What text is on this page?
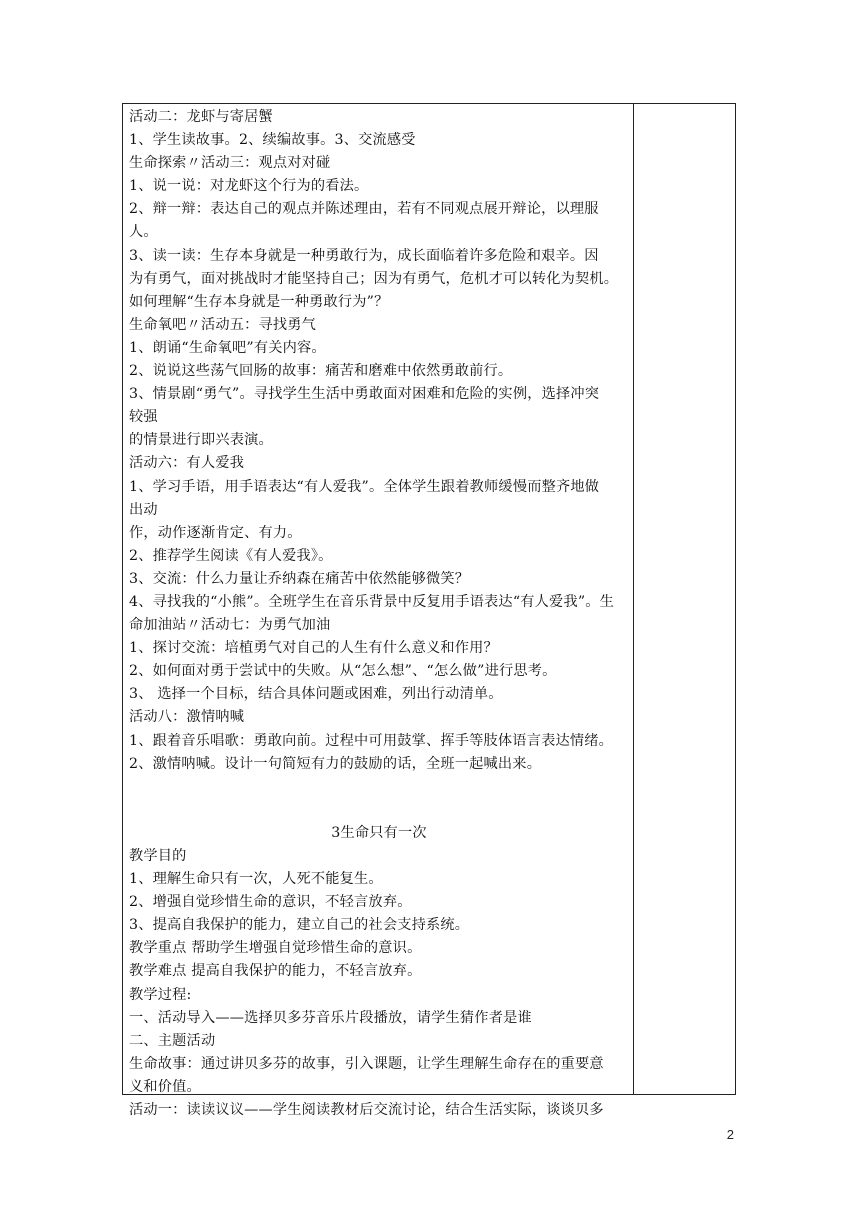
活动二：龙虾与寄居蟹
1、学生读故事。2、续编故事。3、交流感受
生命探索〃活动三：观点对对碰
1、说一说：对龙虾这个行为的看法。
2、辩一辩：表达自己的观点并陈述理由，若有不同观点展开辩论，以理服
人。
3、读一读：生存本身就是一种勇敢行为，成长面临着许多危险和艰辛。因
为有勇气，面对挑战时才能坚持自己；因为有勇气，危机才可以转化为契机。
如何理解“生存本身就是一种勇敢行为”？
生命氧吧〃活动五：寻找勇气
1、朗诵“生命氧吧”有关内容。
2、说说这些荡气回肠的故事：痛苦和磨难中依然勇敢前行。
3、情景剧“勇气”。寻找学生生活中勇敢面对困难和危险的实例，选择冲突
较强
的情景进行即兴表演。
活动六：有人爱我
1、学习手语，用手语表达“有人爱我”。全体学生跟着教师缓慢而整齐地做
出动
作，动作逐渐肯定、有力。
2、推荐学生阅读《有人爱我》。
3、交流：什么力量让乔纳森在痛苦中依然能够微笑？
4、寻找我的“小熊”。全班学生在音乐背景中反复用手语表达“有人爱我”。生
命加油站〃活动七：为勇气加油
1、探讨交流：培植勇气对自己的人生有什么意义和作用？
2、如何面对勇于尝试中的失败。从“怎么想”、“怎么做”进行思考。
3、 选择一个目标，结合具体问题或困难，列出行动清单。
活动八：激情呐喊
1、跟着音乐唱歌：勇敢向前。过程中可用鼓掌、挥手等肢体语言表达情绪。
2、激情呐喊。设计一句简短有力的鼓励的话，全班一起喊出来。
3生命只有一次
教学目的
1、理解生命只有一次，人死不能复生。
2、增强自觉珍惜生命的意识，不轻言放弃。
3、提高自我保护的能力，建立自己的社会支持系统。
教学重点 帮助学生增强自觉珍惜生命的意识。
教学难点 提高自我保护的能力，不轻言放弃。
教学过程:
一、活动导入——选择贝多芬音乐片段播放，请学生猜作者是谁
二、主题活动
生命故事：通过讲贝多芬的故事，引入课题，让学生理解生命存在的重要意
义和价值。
活动一：读读议议——学生阅读教材后交流讨论，结合生活实际，谈谈贝多
2
